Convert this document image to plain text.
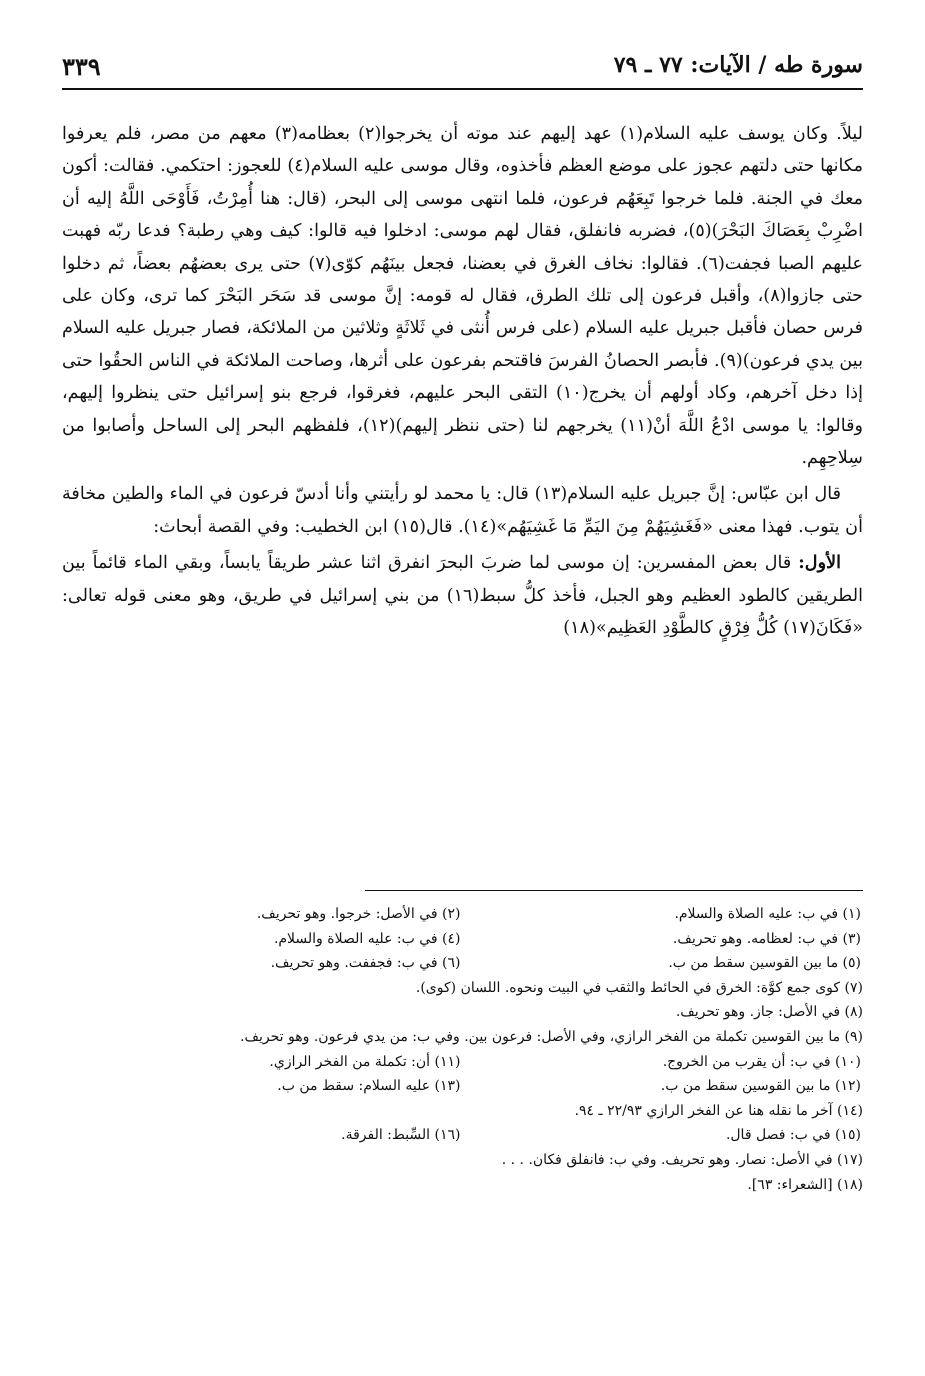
سورة طه / الآيات: ٧٧ ـ ٧٩
٣٣٩

ليلاً. وكان يوسف عليه السلام(١) عهد إليهم عند موته أن يخرجوا(٢) بعظامه(٣) معهم من مصر، فلم يعرفوا مكانها حتى دلتهم عجوز على موضع العظم فأخذوه، وقال موسى عليه السلام(٤) للعجوز: احتكمي. فقالت: أكون معك في الجنة. فلما خرجوا تَبِعَهُم فرعون، فلما انتهى موسى إلى البحر، (قال: هنا أُمِرْتُ، فَأَوْحَى اللَّهُ إليه أن اضْرِبْ بِعَصَاكَ البَحْرَ)(٥)، فضربه فانفلق، فقال لهم موسى: ادخلوا فيه قالوا: كيف وهي رطبة؟ فدعا ربّه فهبت عليهم الصبا فجفت(٦). فقالوا: نخاف الغرق في بعضنا، فجعل بينَهُم كوّى(٧) حتى يرى بعضهُم بعضاً، ثم دخلوا حتى جازوا(٨)، وأقبل فرعون إلى تلك الطرق، فقال له قومه: إنَّ موسى قد سَحَر البَحْرَ كما ترى، وكان على فرس حصان فأقبل جبريل عليه السلام (على فرس أُنثى في ثَلاثَةٍ وثلاثين من الملائكة، فصار جبريل عليه السلام بين يدي فرعون)(٩). فأبصر الحصانُ الفرسَ فاقتحم بفرعون على أثرها، وصاحت الملائكة في الناس الحقُوا حتى إذا دخل آخرهم، وكاد أولهم أن يخرج(١٠) التقى البحر عليهم، فغرقوا، فرجع بنو إسرائيل حتى ينظروا إليهم، وقالوا: يا موسى ادْعُ اللَّهَ أنْ(١١) يخرجهم لنا (حتى ننظر إليهم)(١٢)، فلفظهم البحر إلى الساحل وأصابوا من سِلاحِهِم.

قال ابن عبّاس: إنَّ جبريل عليه السلام(١٣) قال: يا محمد لو رأيتني وأنا أدسّ فرعون في الماء والطين مخافة أن يتوب. فهذا معنى «فَغَشِيَهُمْ مِنَ اليَمِّ مَا غَشِيَهُم»(١٤). قال(١٥) ابن الخطيب: وفي القصة أبحاث:

الأول: قال بعض المفسرين: إن موسى لما ضربَ البحرَ انفرق اثنا عشر طريقاً يابساً، وبقي الماء قائماً بين الطريقين كالطود العظيم وهو الجبل، فأخذ كلُّ سبط(١٦) من بني إسرائيل في طريق، وهو معنى قوله تعالى: «فَكَانَ(١٧) كُلُّ فِرْقٍ كالطَّوْدِ العَظِيم»(١٨)

(١) في ب: عليه الصلاة والسلام.

(٢) في الأصل: خرجوا. وهو تحريف.

(٣) في ب: لعظامه. وهو تحريف.

(٤) في ب: عليه الصلاة والسلام.

(٥) ما بين القوسين سقط من ب.

(٦) في ب: فجففت. وهو تحريف.

(٧) كوى جمع كوَّة: الخرق في الحائط والثقب في البيت ونحوه. اللسان (كوى).

(٨) في الأصل: جاز. وهو تحريف.

(٩) ما بين القوسين تكملة من الفخر الرازي، وفي الأصل: فرعون بين. وفي ب: من يدي فرعون. وهو تحريف.

(١٠) في ب: أن يقرب من الخروج.

(١١) أن: تكملة من الفخر الرازي.

(١٢) ما بين القوسين سقط من ب.

(١٣) عليه السلام: سقط من ب.

(١٤) آخر ما نقله هنا عن الفخر الرازي ٢٢/٩٣ ـ ٩٤.

(١٥) في ب: فصل قال.

(١٦) السِّبط: الفرقة.

(١٧) في الأصل: نصار. وهو تحريف. وفي ب: فانفلق فكان. . . .

(١٨) [الشعراء: ٦٣].
